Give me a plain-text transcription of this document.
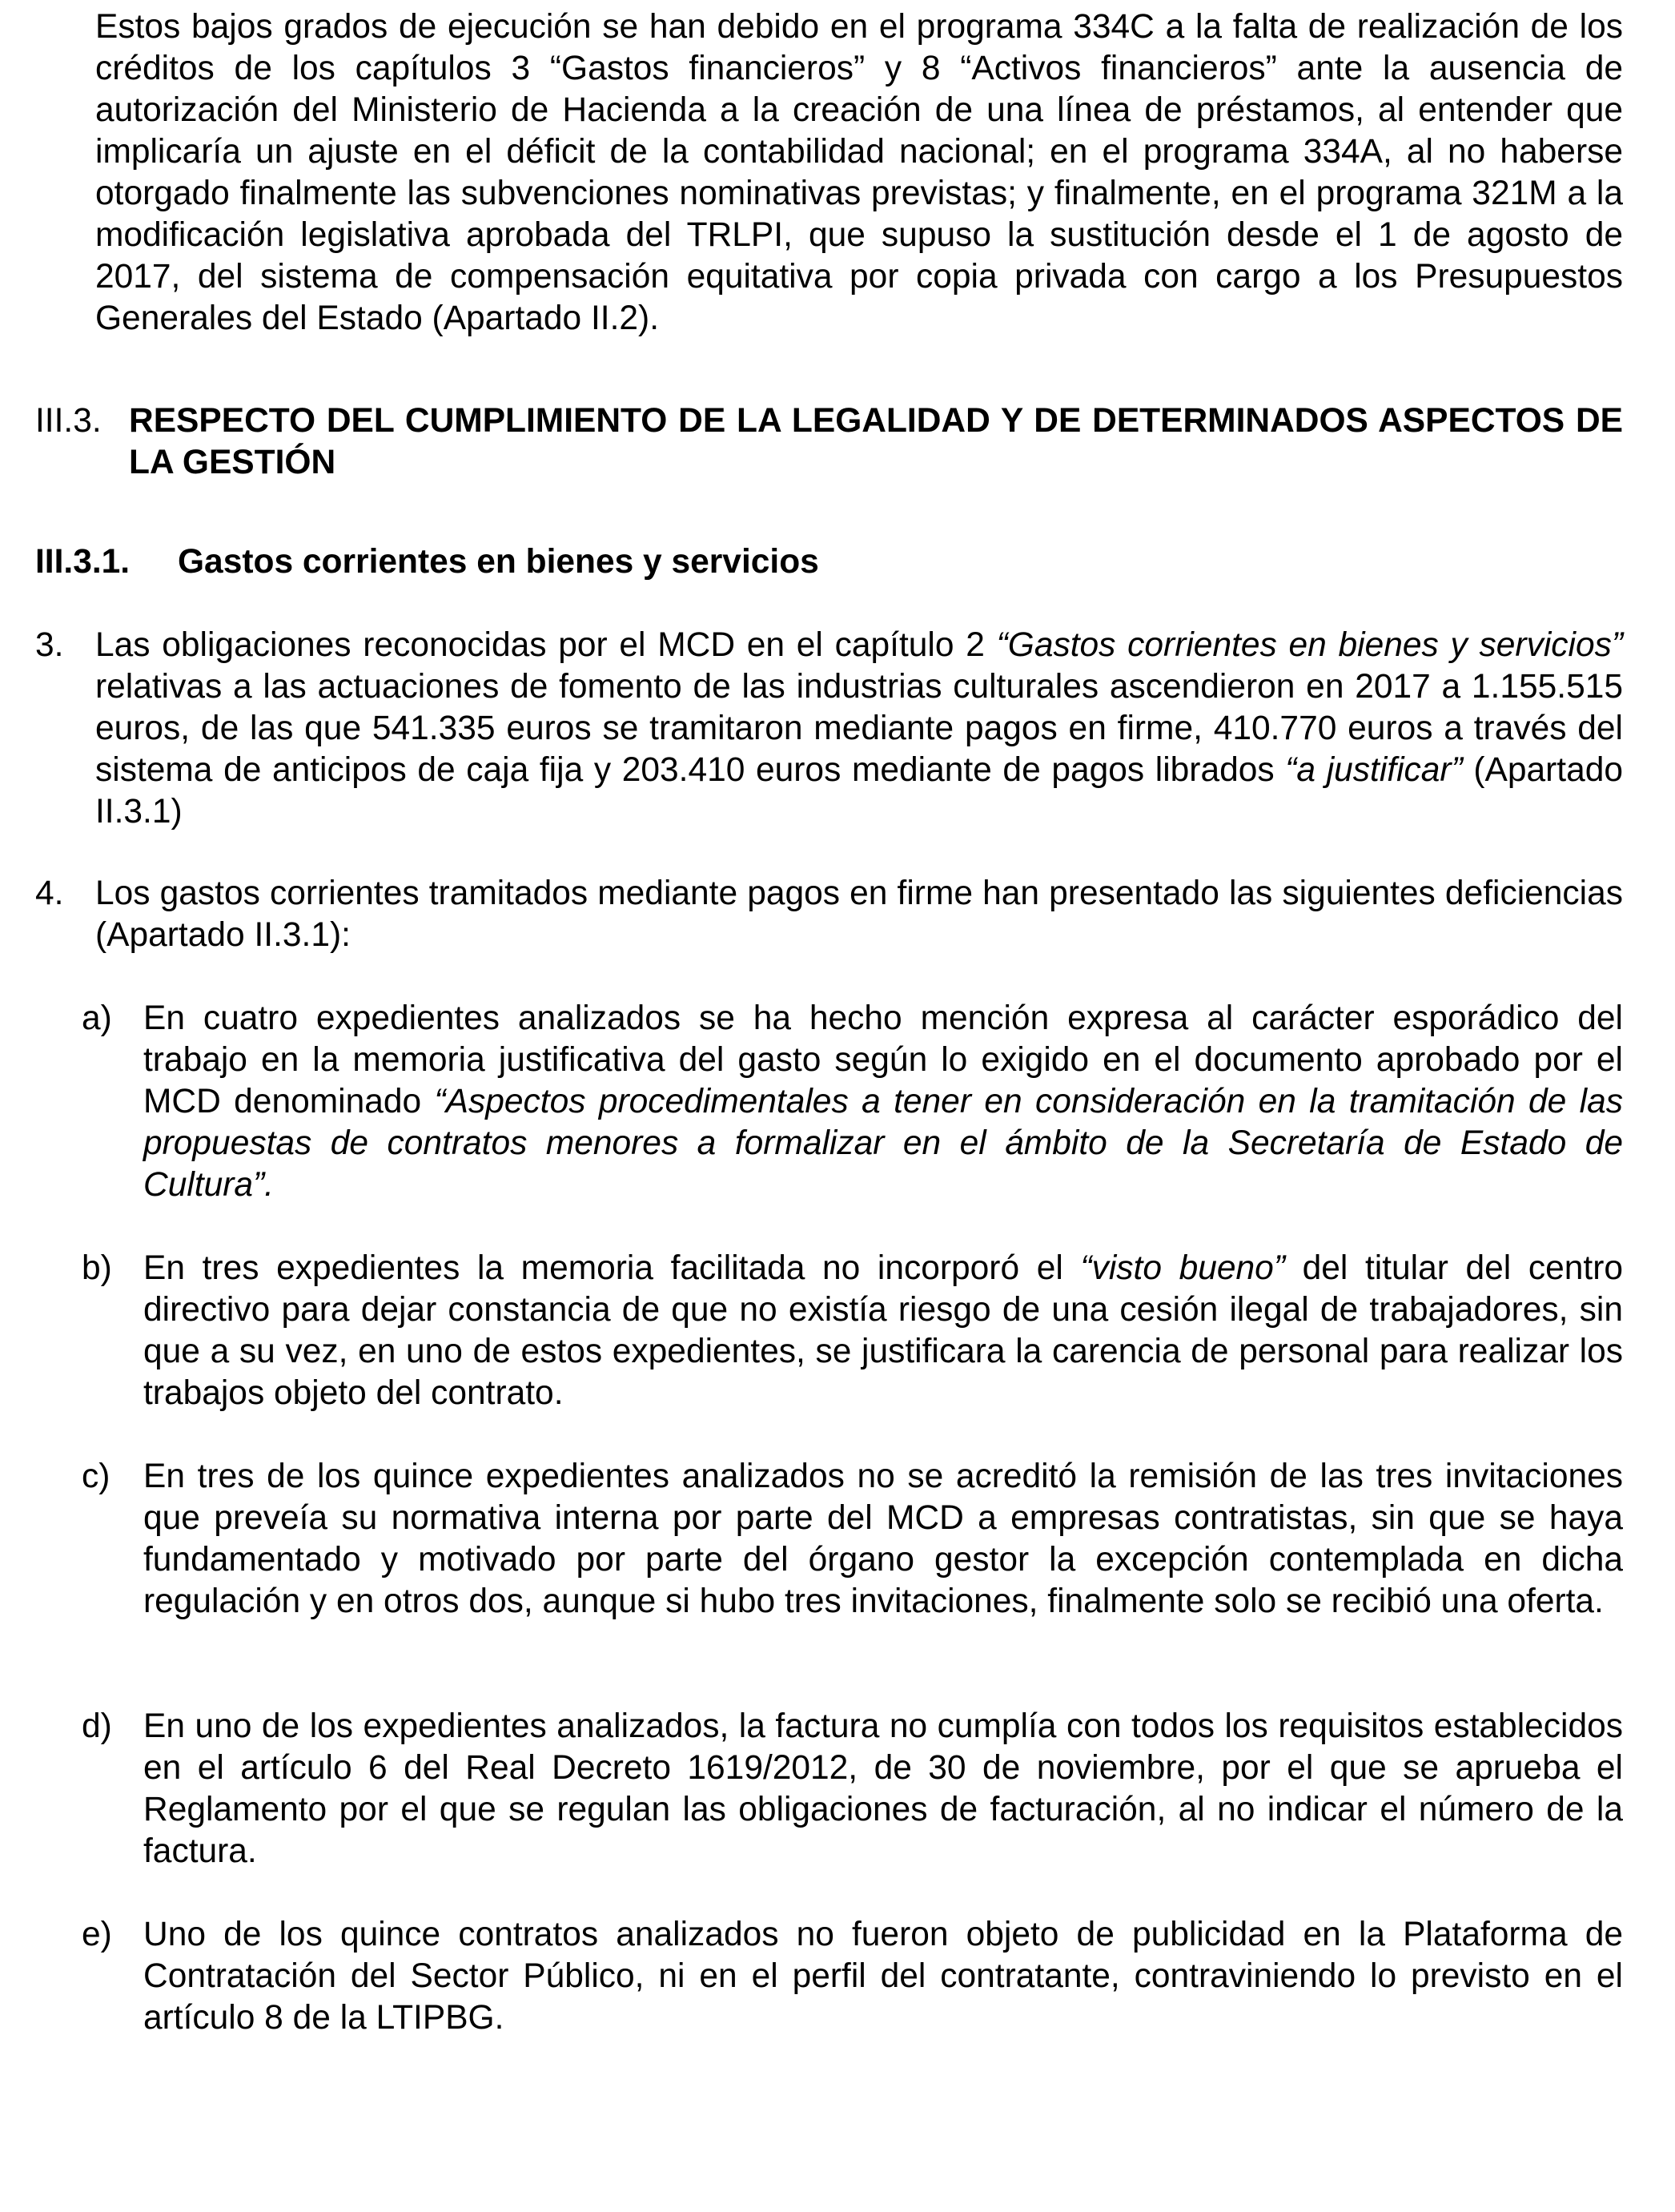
Estos bajos grados de ejecución se han debido en el programa 334C a la falta de realización de los créditos de los capítulos 3 “Gastos financieros” y 8 “Activos financieros” ante la ausencia de autorización del Ministerio de Hacienda a la creación de una línea de préstamos, al entender que implicaría un ajuste en el déficit de la contabilidad nacional; en el programa 334A, al no haberse otorgado finalmente las subvenciones nominativas previstas; y finalmente, en el programa 321M a la modificación legislativa aprobada del TRLPI, que supuso la sustitución desde el 1 de agosto de 2017, del sistema de compensación equitativa por copia privada con cargo a los Presupuestos Generales del Estado (Apartado II.2).

III.3. RESPECTO DEL CUMPLIMIENTO DE LA LEGALIDAD Y DE DETERMINADOS ASPECTOS DE LA GESTIÓN
III.3.1. Gastos corrientes en bienes y servicios
3. Las obligaciones reconocidas por el MCD en el capítulo 2 “Gastos corrientes en bienes y servicios” relativas a las actuaciones de fomento de las industrias culturales ascendieron en 2017 a 1.155.515 euros, de las que 541.335 euros se tramitaron mediante pagos en firme, 410.770 euros a través del sistema de anticipos de caja fija y 203.410 euros mediante de pagos librados “a justificar” (Apartado II.3.1)

4. Los gastos corrientes tramitados mediante pagos en firme han presentado las siguientes deficiencias (Apartado II.3.1):

a) En cuatro expedientes analizados se ha hecho mención expresa al carácter esporádico del trabajo en la memoria justificativa del gasto según lo exigido en el documento aprobado por el MCD denominado “Aspectos procedimentales a tener en consideración en la tramitación de las propuestas de contratos menores a formalizar en el ámbito de la Secretaría de Estado de Cultura”.

b) En tres expedientes la memoria facilitada no incorporó el “visto bueno” del titular del centro directivo para dejar constancia de que no existía riesgo de una cesión ilegal de trabajadores, sin que a su vez, en uno de estos expedientes, se justificara la carencia de personal para realizar los trabajos objeto del contrato.

c) En tres de los quince expedientes analizados no se acreditó la remisión de las tres invitaciones que preveía su normativa interna por parte del MCD a empresas contratistas, sin que se haya fundamentado y motivado por parte del órgano gestor la excepción contemplada en dicha regulación y en otros dos, aunque si hubo tres invitaciones, finalmente solo se recibió una oferta.

d) En uno de los expedientes analizados, la factura no cumplía con todos los requisitos establecidos en el artículo 6 del Real Decreto 1619/2012, de 30 de noviembre, por el que se aprueba el Reglamento por el que se regulan las obligaciones de facturación, al no indicar el número de la factura.

e) Uno de los quince contratos analizados no fueron objeto de publicidad en la Plataforma de Contratación del Sector Público, ni en el perfil del contratante, contraviniendo lo previsto en el artículo 8 de la LTIPBG.
